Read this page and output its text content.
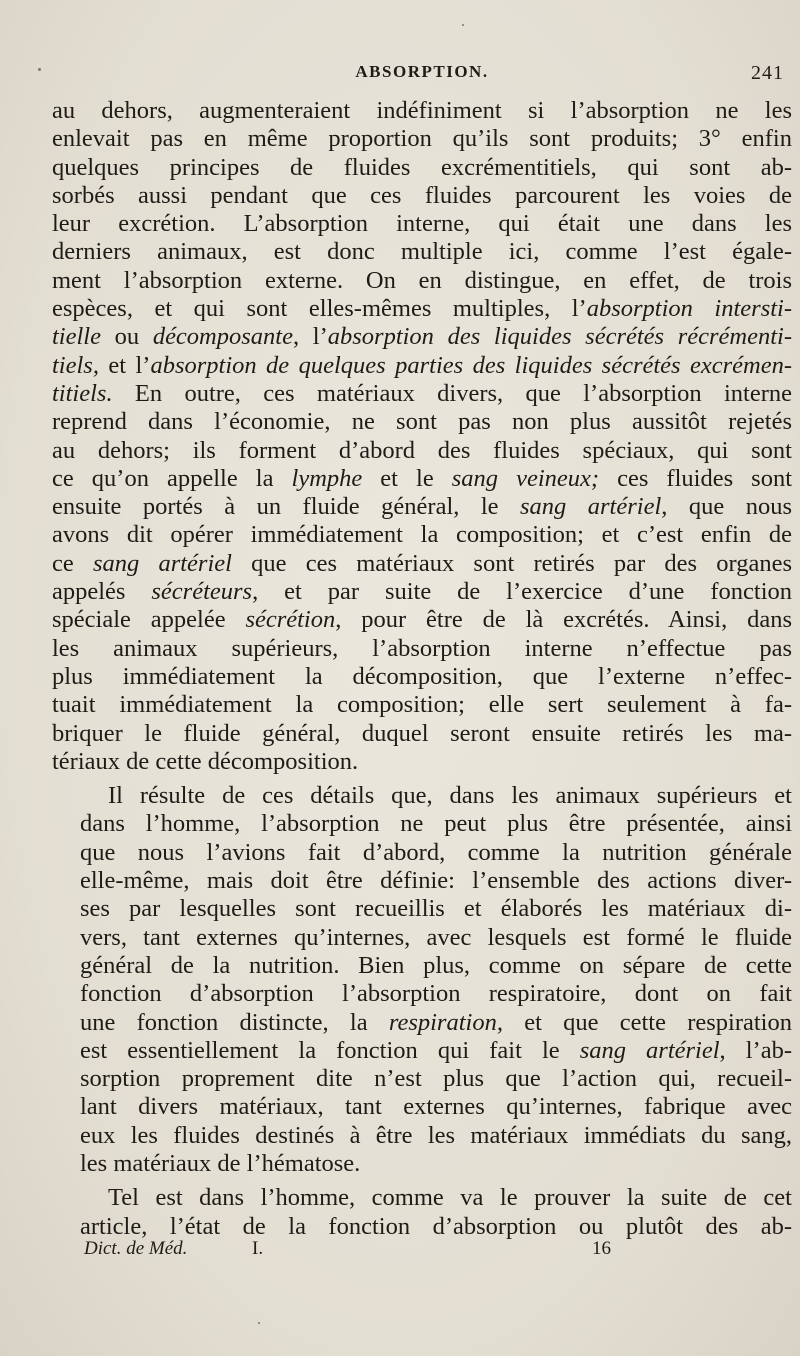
ABSORPTION.	241

au dehors, augmenteraient indéfiniment si l’absorption ne les
enlevait pas en même proportion qu’ils sont produits; 3° enfin
quelques principes de fluides excrémentitiels, qui sont ab-
sorbés aussi pendant que ces fluides parcourent les voies de
leur excrétion. L’absorption interne, qui était une dans les
derniers animaux, est donc multiple ici, comme l’est égale-
ment l’absorption externe. On en distingue, en effet, de trois
espèces, et qui sont elles-mêmes multiples, l’absorption intersti-
tielle ou décomposante, l’absorption des liquides sécrétés récrémenti-
tiels, et l’absorption de quelques parties des liquides sécrétés excrémen-
titiels. En outre, ces matériaux divers, que l’absorption interne
reprend dans l’économie, ne sont pas non plus aussitôt rejetés
au dehors; ils forment d’abord des fluides spéciaux, qui sont
ce qu’on appelle la lymphe et le sang veineux; ces fluides sont
ensuite portés à un fluide général, le sang artériel, que nous
avons dit opérer immédiatement la composition; et c’est enfin de
ce sang artériel que ces matériaux sont retirés par des organes
appelés sécréteurs, et par suite de l’exercice d’une fonction
spéciale appelée sécrétion, pour être de là excrétés. Ainsi, dans
les animaux supérieurs, l’absorption interne n’effectue pas
plus immédiatement la décomposition, que l’externe n’effec-
tuait immédiatement la composition; elle sert seulement à fa-
briquer le fluide général, duquel seront ensuite retirés les ma-
tériaux de cette décomposition.

Il résulte de ces détails que, dans les animaux supérieurs et
dans l’homme, l’absorption ne peut plus être présentée, ainsi
que nous l’avions fait d’abord, comme la nutrition générale
elle-même, mais doit être définie: l’ensemble des actions diver-
ses par lesquelles sont recueillis et élaborés les matériaux di-
vers, tant externes qu’internes, avec lesquels est formé le fluide
général de la nutrition. Bien plus, comme on sépare de cette
fonction d’absorption l’absorption respiratoire, dont on fait
une fonction distincte, la respiration, et que cette respiration
est essentiellement la fonction qui fait le sang artériel, l’ab-
sorption proprement dite n’est plus que l’action qui, recueil-
lant divers matériaux, tant externes qu’internes, fabrique avec
eux les fluides destinés à être les matériaux immédiats du sang,
les matériaux de l’hématose.

Tel est dans l’homme, comme va le prouver la suite de cet
article, l’état de la fonction d’absorption ou plutôt des ab-

Dict. de Méd.	I.	16
